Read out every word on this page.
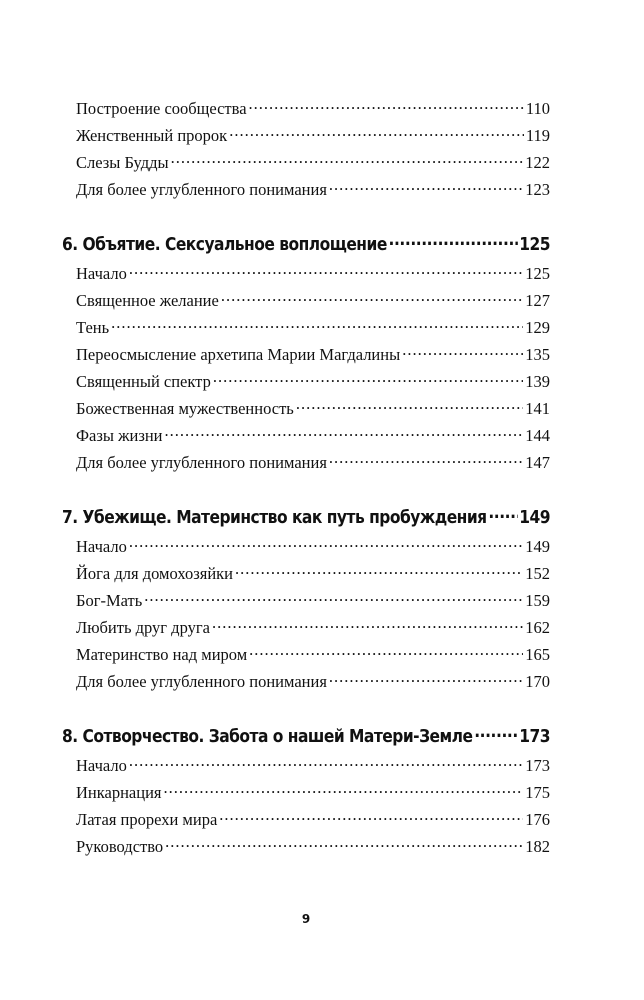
Построение сообщества .....	110
Женственный пророк .....	119
Слезы Будды .....	122
Для более углубленного понимания .....	123
6. Объятие. Сексуальное воплощение .....	125
Начало .....	125
Священное желание .....	127
Тень .....	129
Переосмысление архетипа Марии Магдалины .....	135
Священный спектр .....	139
Божественная мужественность .....	141
Фазы жизни .....	144
Для более углубленного понимания .....	147
7. Убежище. Материнство как путь пробуждения ..... 149
Начало .....	149
Йога для домохозяйки .....	152
Бог-Мать .....	159
Любить друг друга .....	162
Материнство над миром .....	165
Для более углубленного понимания .....	170
8. Сотворчество. Забота о нашей Матери-Земле .....	173
Начало .....	173
Инкарнация .....	175
Латая прорехи мира .....	176
Руководство .....	182
9
